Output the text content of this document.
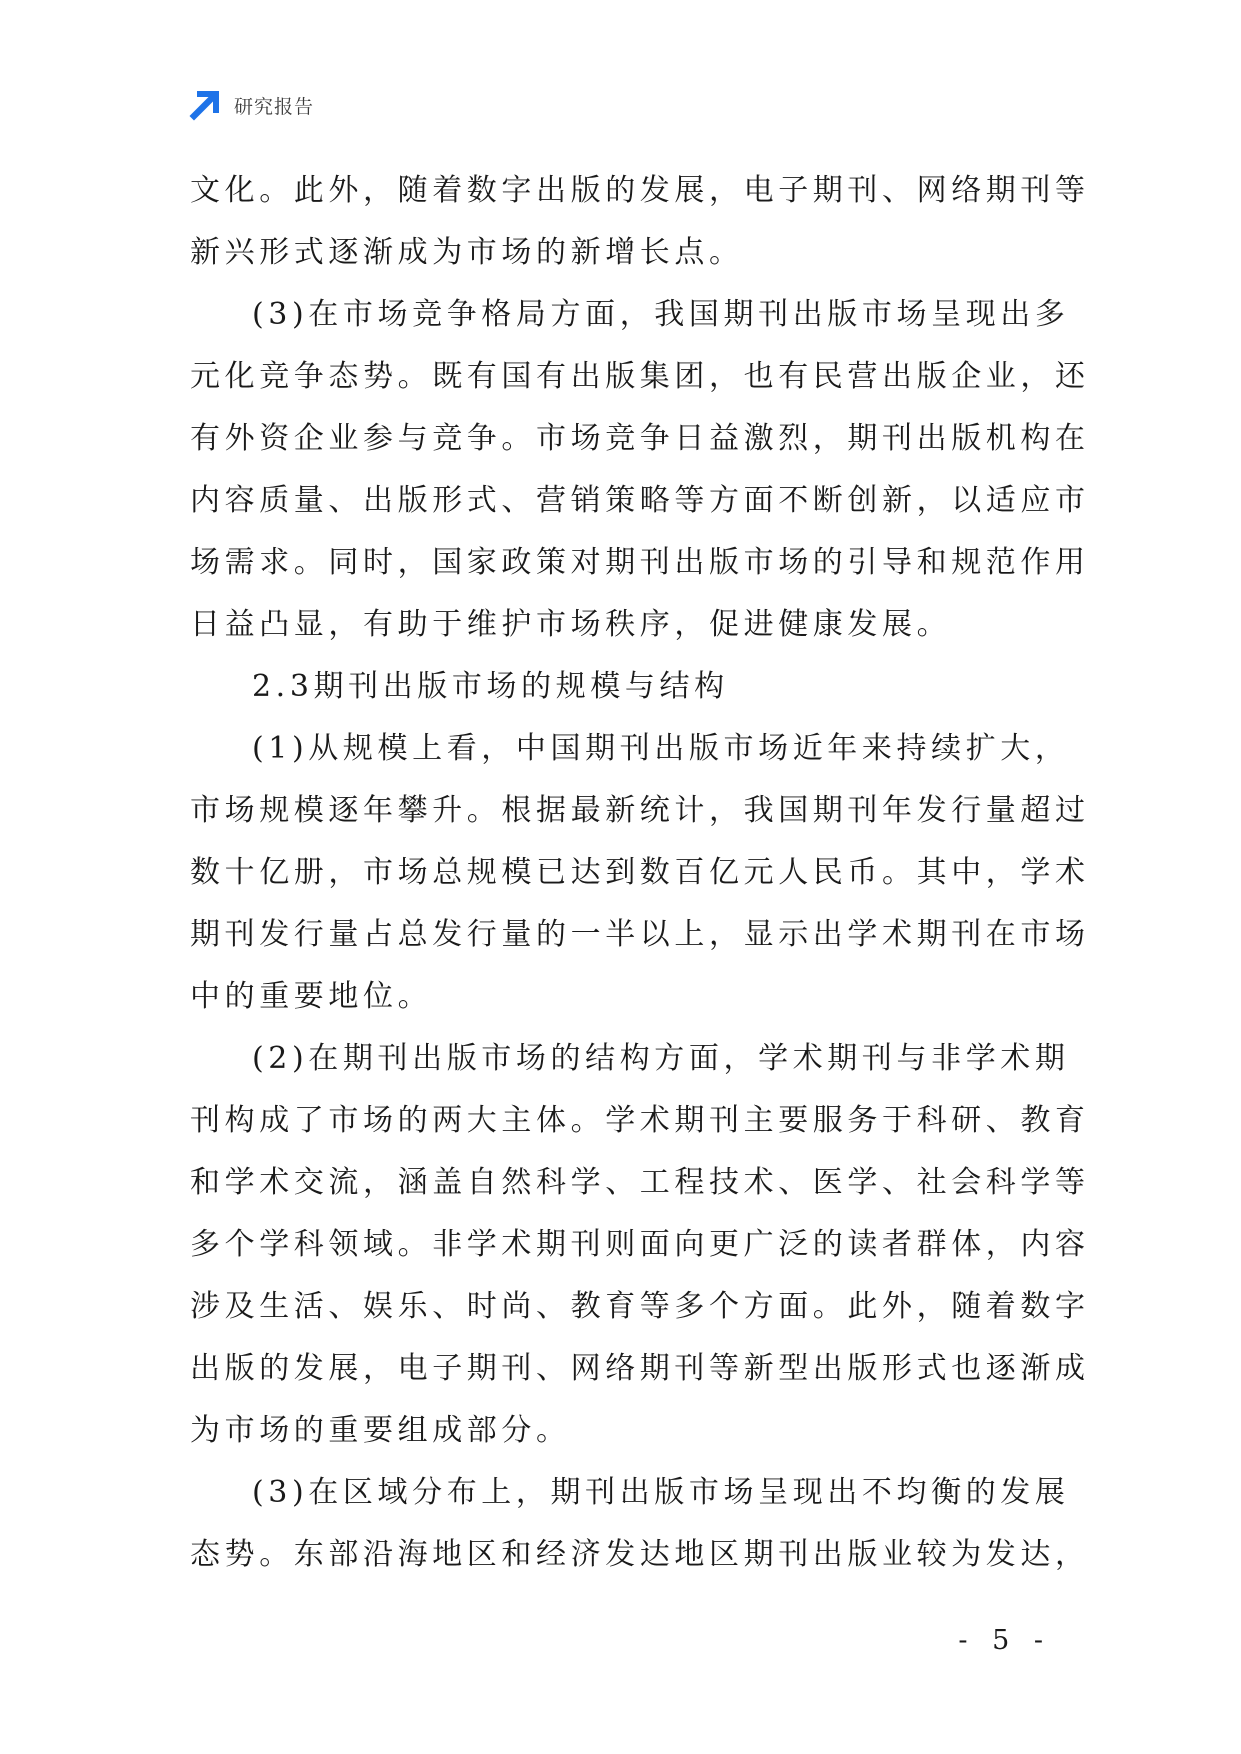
研究报告
文化。此外，随着数字出版的发展，电子期刊、网络期刊等
新兴形式逐渐成为市场的新增长点。
(3)在市场竞争格局方面，我国期刊出版市场呈现出多
元化竞争态势。既有国有出版集团，也有民营出版企业，还
有外资企业参与竞争。市场竞争日益激烈，期刊出版机构在
内容质量、出版形式、营销策略等方面不断创新，以适应市
场需求。同时，国家政策对期刊出版市场的引导和规范作用
日益凸显，有助于维护市场秩序，促进健康发展。
2.3期刊出版市场的规模与结构
(1)从规模上看，中国期刊出版市场近年来持续扩大，
市场规模逐年攀升。根据最新统计，我国期刊年发行量超过
数十亿册，市场总规模已达到数百亿元人民币。其中，学术
期刊发行量占总发行量的一半以上，显示出学术期刊在市场
中的重要地位。
(2)在期刊出版市场的结构方面，学术期刊与非学术期
刊构成了市场的两大主体。学术期刊主要服务于科研、教育
和学术交流，涵盖自然科学、工程技术、医学、社会科学等
多个学科领域。非学术期刊则面向更广泛的读者群体，内容
涉及生活、娱乐、时尚、教育等多个方面。此外，随着数字
出版的发展，电子期刊、网络期刊等新型出版形式也逐渐成
为市场的重要组成部分。
(3)在区域分布上，期刊出版市场呈现出不均衡的发展
态势。东部沿海地区和经济发达地区期刊出版业较为发达，
- 5 -
